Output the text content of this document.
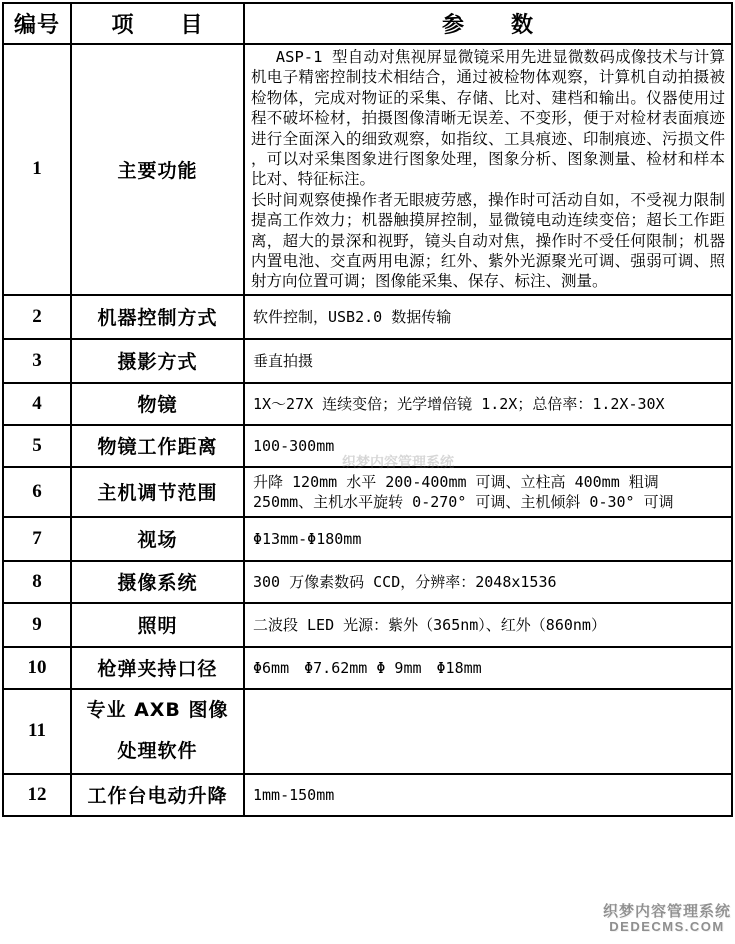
编号	项　　目	参　　数
1	主要功能	ASP-1 型自动对焦视屏显微镜采用先进显微数码成像技术与计算机电子精密控制技术相结合，通过被检物体观察，计算机自动拍摄被检物体，完成对物证的采集、存储、比对、建档和输出。仪器使用过程不破坏检材，拍摄图像清晰无误差、不变形，便于对检材表面痕迹进行全面深入的细致观察，如指纹、工具痕迹、印制痕迹、污损文件 ，可以对采集图象进行图象处理，图象分析、图象测量、检材和样本比对、特征标注。
长时间观察使操作者无眼疲劳感，操作时可活动自如，不受视力限制提高工作效力；机器触摸屏控制，显微镜电动连续变倍；超长工作距离，超大的景深和视野，镜头自动对焦，操作时不受任何限制；机器内置电池、交直两用电源；红外、紫外光源聚光可调、强弱可调、照射方向位置可调；图像能采集、保存、标注、测量。

2	机器控制方式	软件控制，USB2.0 数据传输
3	摄影方式	垂直拍摄
4	物镜	1X～27X 连续变倍；光学增倍镜 1.2X；总倍率：1.2X-30X
5	物镜工作距离	100-300mm
6	主机调节范围	升降 120mm 水平 200-400mm 可调、立柱高 400mm 粗调 250mm、主机水平旋转 0-270° 可调、主机倾斜 0-30° 可调
7	视场	Φ13mm-Φ180mm
8	摄像系统	300 万像素数码 CCD，分辨率：2048x1536
9	照明	二波段 LED 光源：紫外（365nm）、红外（860nm）
10	枪弹夹持口径	Φ6mm　Φ7.62mm Φ 9mm　Φ18mm
11	专业 AXB 图像
处理软件	

12	工作台电动升降	1mm-150mm
织梦内容管理系统
织梦内容管理系统
DEDECMS.COM
